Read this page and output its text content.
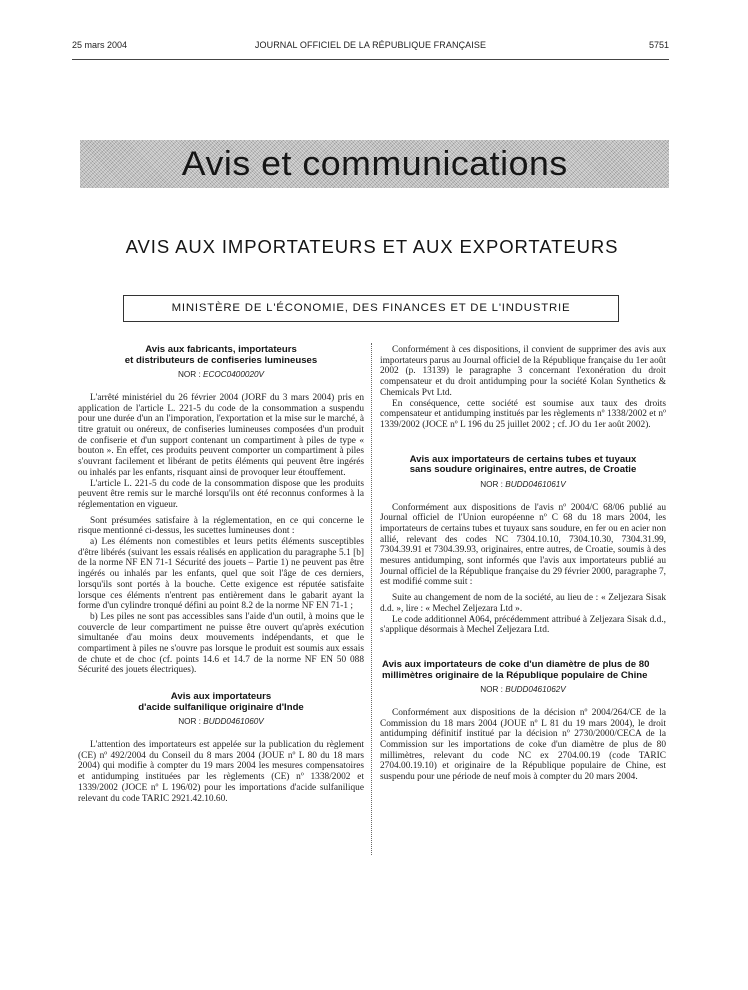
25 mars 2004	JOURNAL OFFICIEL DE LA RÉPUBLIQUE FRANÇAISE	5751
Avis et communications
AVIS AUX IMPORTATEURS ET AUX EXPORTATEURS
MINISTÈRE DE L'ÉCONOMIE, DES FINANCES ET DE L'INDUSTRIE
Avis aux fabricants, importateurs
et distributeurs de confiseries lumineuses
NOR : ECOC0400020V

L'arrêté ministériel du 26 février 2004 (JORF du 3 mars 2004) pris en application de l'article L. 221-5 du code de la consommation a suspendu pour une durée d'un an l'imporation, l'exportation et la mise sur le marché, à titre gratuit ou onéreux, de confiseries lumineuses composées d'un produit de confiserie et d'un support contenant un compartiment à piles de type « bouton ». En effet, ces produits peuvent comporter un compartiment à piles s'ouvrant facilement et libérant de petits éléments qui peuvent être ingérés ou inhalés par les enfants, risquant ainsi de provoquer leur étouffement.

L'article L. 221-5 du code de la consommation dispose que les produits peuvent être remis sur le marché lorsqu'ils ont été reconnus conformes à la réglementation en vigueur.

Sont présumées satisfaire à la réglementation, en ce qui concerne le risque mentionné ci-dessus, les sucettes lumineuses dont :

a) Les éléments non comestibles et leurs petits éléments susceptibles d'être libérés (suivant les essais réalisés en application du paragraphe 5.1 [b] de la norme NF EN 71-1 Sécurité des jouets – Partie 1) ne peuvent pas être ingérés ou inhalés par les enfants, quel que soit l'âge de ces derniers, lorsqu'ils sont portés à la bouche. Cette exigence est réputée satisfaite lorsque ces éléments n'entrent pas entièrement dans le gabarit ayant la forme d'un cylindre tronqué défini au point 8.2 de la norme NF EN 71-1 ;

b) Les piles ne sont pas accessibles sans l'aide d'un outil, à moins que le couvercle de leur compartiment ne puisse être ouvert qu'après exécution simultanée d'au moins deux mouvements indépendants, et que le compartiment à piles ne s'ouvre pas lorsque le produit est soumis aux essais de chute et de choc (cf. points 14.6 et 14.7 de la norme NF EN 50 088 Sécurité des jouets électriques).

Avis aux importateurs
d'acide sulfanilique originaire d'Inde
NOR : BUDD0461060V

L'attention des importateurs est appelée sur la publication du règlement (CE) nº 492/2004 du Conseil du 8 mars 2004 (JOUE nº L 80 du 18 mars 2004) qui modifie à compter du 19 mars 2004 les mesures compensatoires et antidumping instituées par les règlements (CE) nº 1338/2002 et 1339/2002 (JOCE nº L 196/02) pour les importations d'acide sulfanilique relevant du code TARIC 2921.42.10.60.

Conformément à ces dispositions, il convient de supprimer des avis aux importateurs parus au Journal officiel de la République française du 1er août 2002 (p. 13139) le paragraphe 3 concernant l'exonération du droit compensateur et du droit antidumping pour la société Kolan Synthetics & Chemicals Pvt Ltd.

En conséquence, cette société est soumise aux taux des droits compensateur et antidumping institués par les règlements nº 1338/2002 et nº 1339/2002 (JOCE nº L 196 du 25 juillet 2002 ; cf. JO du 1er août 2002).

Avis aux importateurs de certains tubes et tuyaux
sans soudure originaires, entre autres, de Croatie
NOR : BUDD0461061V

Conformément aux dispositions de l'avis nº 2004/C 68/06 publié au Journal officiel de l'Union européenne nº C 68 du 18 mars 2004, les importateurs de certains tubes et tuyaux sans soudure, en fer ou en acier non allié, relevant des codes NC 7304.10.10, 7304.10.30, 7304.31.99, 7304.39.91 et 7304.39.93, originaires, entre autres, de Croatie, soumis à des mesures antidumping, sont informés que l'avis aux importateurs publié au Journal officiel de la République française du 29 février 2000, paragraphe 7, est modifié comme suit :

Suite au changement de nom de la société, au lieu de : « Zeljezara Sisak d.d. », lire : « Mechel Zeljezara Ltd ».

Le code additionnel A064, précédemment attribué à Zeljezara Sisak d.d., s'applique désormais à Mechel Zeljezara Ltd.

Avis aux importateurs de coke d'un diamètre de plus de 80 millimètres originaire de la République populaire de Chine
NOR : BUDD0461062V

Conformément aux dispositions de la décision nº 2004/264/CE de la Commission du 18 mars 2004 (JOUE nº L 81 du 19 mars 2004), le droit antidumping définitif institué par la décision nº 2730/2000/CECA de la Commission sur les importations de coke d'un diamètre de plus de 80 millimètres, relevant du code NC ex 2704.00.19 (code TARIC 2704.00.19.10) et originaire de la République populaire de Chine, est suspendu pour une période de neuf mois à compter du 20 mars 2004.
